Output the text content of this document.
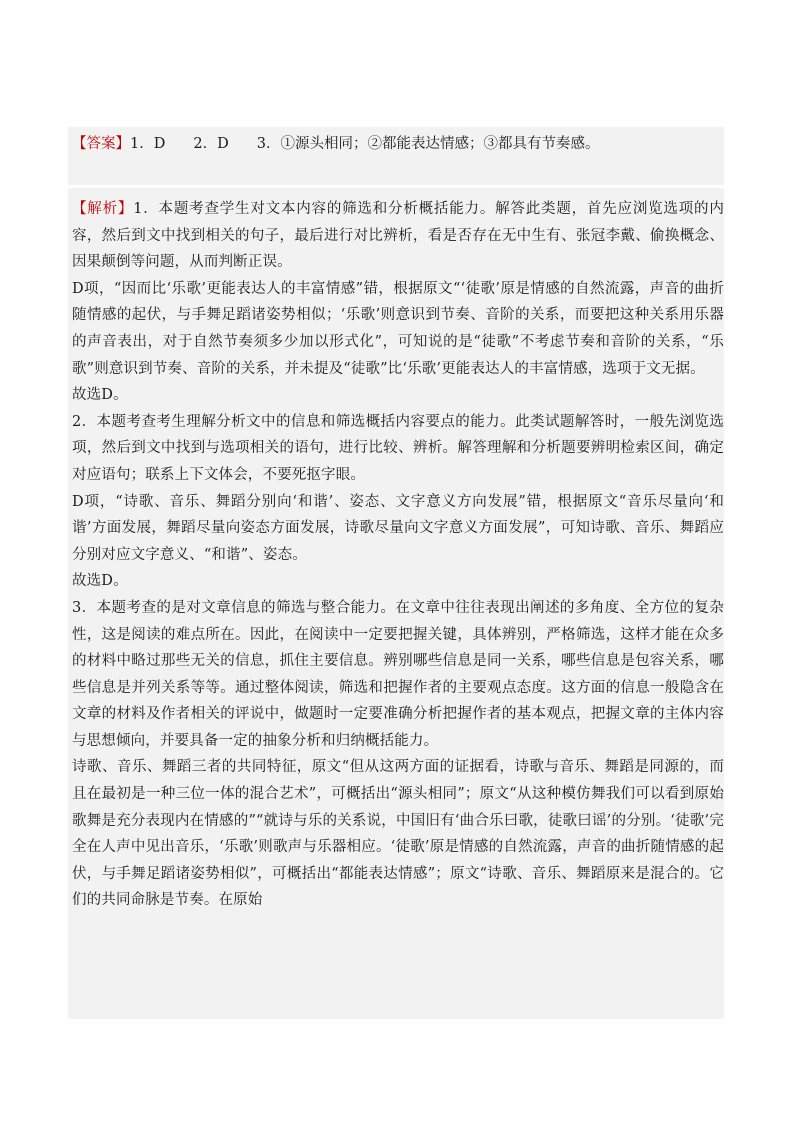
【答案】1．D 2．D 3．①源头相同；②都能表达情感；③都具有节奏感。

【解析】1．本题考查学生对文本内容的筛选和分析概括能力。解答此类题，首先应浏览选项的内容，然后到文中找到相关的句子，最后进行对比辨析，看是否存在无中生有、张冠李戴、偷换概念、因果颠倒等问题，从而判断正误。

D项，“因而比‘乐歌’更能表达人的丰富情感”错，根据原文“‘徒歌’原是情感的自然流露，声音的曲折随情感的起伏，与手舞足蹈诸姿势相似；‘乐歌’则意识到节奏、音阶的关系，而要把这种关系用乐器的声音表出，对于自然节奏须多少加以形式化”，可知说的是“徒歌”不考虑节奏和音阶的关系，“乐歌”则意识到节奏、音阶的关系，并未提及“徒歌”比‘乐歌’更能表达人的丰富情感，选项于文无据。

故选D。

2．本题考查考生理解分析文中的信息和筛选概括内容要点的能力。此类试题解答时，一般先浏览选项，然后到文中找到与选项相关的语句，进行比较、辨析。解答理解和分析题要辨明检索区间，确定对应语句；联系上下文体会，不要死抠字眼。

D项，“诗歌、音乐、舞蹈分别向‘和谐’、姿态、文字意义方向发展”错，根据原文“音乐尽量向‘和谐’方面发展，舞蹈尽量向姿态方面发展，诗歌尽量向文字意义方面发展”，可知诗歌、音乐、舞蹈应分别对应文字意义、“和谐”、姿态。

故选D。

3．本题考查的是对文章信息的筛选与整合能力。在文章中往往表现出阐述的多角度、全方位的复杂性，这是阅读的难点所在。因此，在阅读中一定要把握关键，具体辨别，严格筛选，这样才能在众多的材料中略过那些无关的信息，抓住主要信息。辨别哪些信息是同一关系，哪些信息是包容关系，哪些信息是并列关系等等。通过整体阅读，筛选和把握作者的主要观点态度。这方面的信息一般隐含在文章的材料及作者相关的评说中，做题时一定要准确分析把握作者的基本观点，把握文章的主体内容与思想倾向，并要具备一定的抽象分析和归纳概括能力。

诗歌、音乐、舞蹈三者的共同特征，原文“但从这两方面的证据看，诗歌与音乐、舞蹈是同源的，而且在最初是一种三位一体的混合艺术”，可概括出“源头相同”；原文“从这种模仿舞我们可以看到原始歌舞是充分表现内在情感的”“就诗与乐的关系说，中国旧有‘曲合乐曰歌，徒歌曰谣’的分别。‘徒歌’完全在人声中见出音乐，‘乐歌’则歌声与乐器相应。‘徒歌’原是情感的自然流露，声音的曲折随情感的起伏，与手舞足蹈诸姿势相似”，可概括出“都能表达情感”；原文“诗歌、音乐、舞蹈原来是混合的。它们的共同命脉是节奏。在原始
